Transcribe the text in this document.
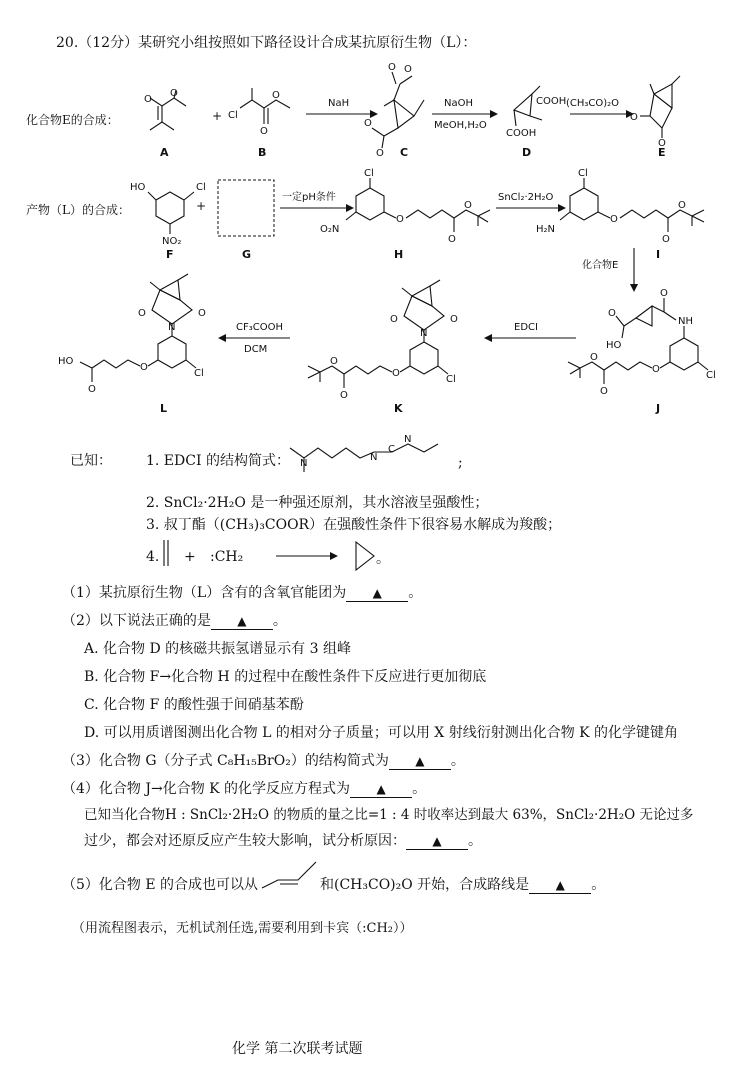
20.（12分）某研究小组按照如下路径设计合成某抗原衍生物（L）：
化合物E的合成：
O
O
A
+ Cl
O
O
B
NaH
O
O
O
O C
NaOH
MeOH,H₂O
COOH
COOH
D
(CH₃CO)₂O
O
O
E
产物（L）的合成：
HO	Cl
NO₂
F
+
G
一定pH条件
Cl
O₂N
O
O
O
H
SnCl₂·2H₂O
Cl
H₂N
O
O
O
I
化合物E
O
HO
O
NH
Cl
O
O
O
J
EDCI
O	O
N
Cl
O
O
O
K
CF₃COOH
DCM
O	O
N
Cl
O
O
HO
L
已知： 1. EDCI 的结构简式： N
N
C
N
;
2. SnCl₂·2H₂O 是一种强还原剂，其水溶液呈强酸性；
3. 叔丁酯（(CH₃)₃COOR）在强酸性条件下很容易水解成为羧酸；
4. + :CH₂	。
（1）某抗原衍生物（L）含有的含氧官能团为 ▲ 。
（2）以下说法正确的是 ▲ 。
A. 化合物 D 的核磁共振氢谱显示有 3 组峰
B. 化合物 F→化合物 H 的过程中在酸性条件下反应进行更加彻底
C. 化合物 F 的酸性强于间硝基苯酚
D. 可以用质谱图测出化合物 L 的相对分子质量；可以用 X 射线衍射测出化合物 K 的化学键键角
（3）化合物 G（分子式 C₈H₁₅BrO₂）的结构简式为 ▲ 。
（4）化合物 J→化合物 K 的化学反应方程式为 ▲ 。
已知当化合物H : SnCl₂·2H₂O 的物质的量之比=1 : 4 时收率达到最大 63%，SnCl₂·2H₂O 无论过多
过少，都会对还原反应产生较大影响，试分析原因： ▲ 。
（5）化合物 E 的合成也可以从	和(CH₃CO)₂O 开始，合成路线是 ▲ 。
（用流程图表示，无机试剂任选,需要利用到卡宾（:CH₂））
化学 第二次联考试题
